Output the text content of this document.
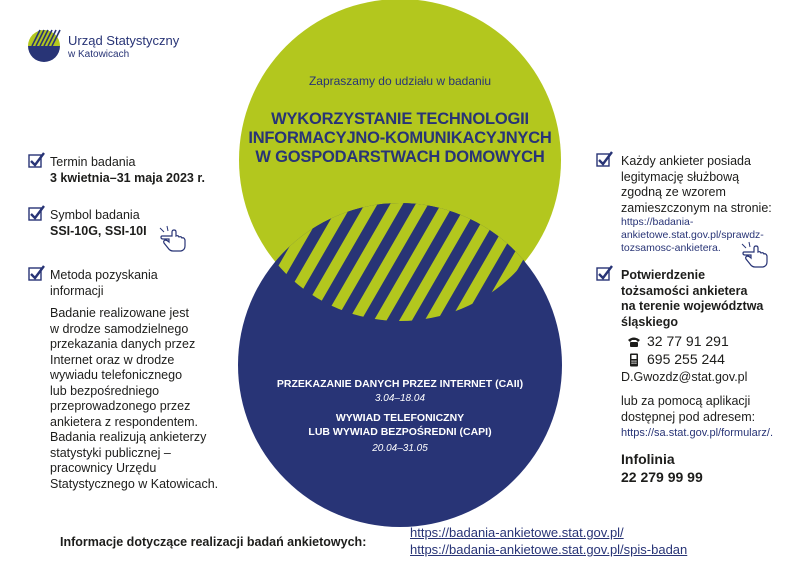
Urząd Statystyczny
w Katowicach
Zapraszamy do udziału w badaniu
WYKORZYSTANIE TECHNOLOGII
INFORMACYJNO-KOMUNIKACYJNYCH
W GOSPODARSTWACH DOMOWYCH
PRZEKAZANIE DANYCH PRZEZ INTERNET (CAII)
3.04–18.04
WYWIAD TELEFONICZNY
LUB WYWIAD BEZPOŚREDNI (CAPI)
20.04–31.05
Termin badania
3 kwietnia–31 maja 2023 r.
Symbol badania
SSI-10G, SSI-10I
Metoda pozyskania
informacji
Badanie realizowane jest
w drodze samodzielnego
przekazania danych przez
Internet oraz w drodze
wywiadu telefonicznego
lub bezpośredniego
przeprowadzonego przez
ankietera z respondentem.
Badania realizują ankieterzy
statystyki publicznej –
pracownicy Urzędu
Statystycznego w Katowicach.
Każdy ankieter posiada
legitymację służbową
zgodną ze wzorem
zamieszczonym na stronie:
https://badania-
ankietowe.stat.gov.pl/sprawdz-
tozsamosc-ankietera.
Potwierdzenie
tożsamości ankietera
na terenie województwa
śląskiego
32 77 91 291
695 255 244
D.Gwozdz@stat.gov.pl
lub za pomocą aplikacji
dostępnej pod adresem:
https://sa.stat.gov.pl/formularz/.
Infolinia
22 279 99 99
Informacje dotyczące realizacji badań ankietowych:
https://badania-ankietowe.stat.gov.pl/
https://badania-ankietowe.stat.gov.pl/spis-badan
